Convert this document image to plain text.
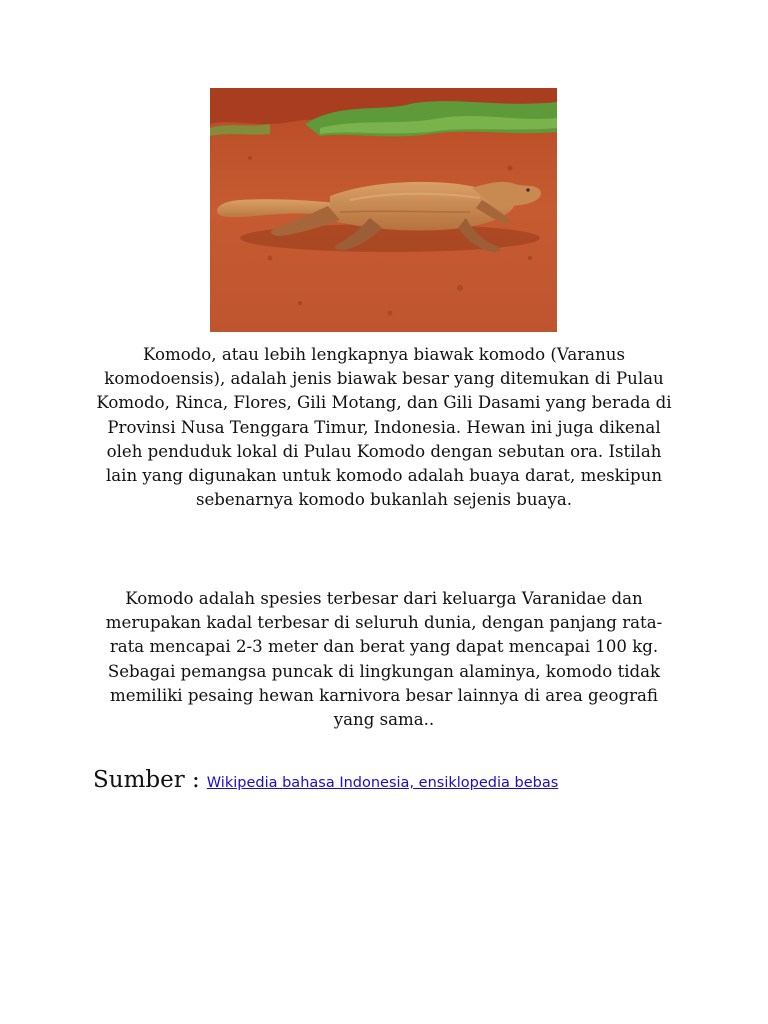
Komodo, atau lebih lengkapnya biawak komodo (Varanus komodoensis), adalah jenis biawak besar yang ditemukan di Pulau Komodo, Rinca, Flores, Gili Motang, dan Gili Dasami yang berada di Provinsi Nusa Tenggara Timur, Indonesia. Hewan ini juga dikenal oleh penduduk lokal di Pulau Komodo dengan sebutan ora. Istilah lain yang digunakan untuk komodo adalah buaya darat, meskipun sebenarnya komodo bukanlah sejenis buaya.

Komodo adalah spesies terbesar dari keluarga Varanidae dan merupakan kadal terbesar di seluruh dunia, dengan panjang rata-rata mencapai 2-3 meter dan berat yang dapat mencapai 100 kg. Sebagai pemangsa puncak di lingkungan alaminya, komodo tidak memiliki pesaing hewan karnivora besar lainnya di area geografi yang sama..

Sumber : Wikipedia bahasa Indonesia, ensiklopedia bebas
